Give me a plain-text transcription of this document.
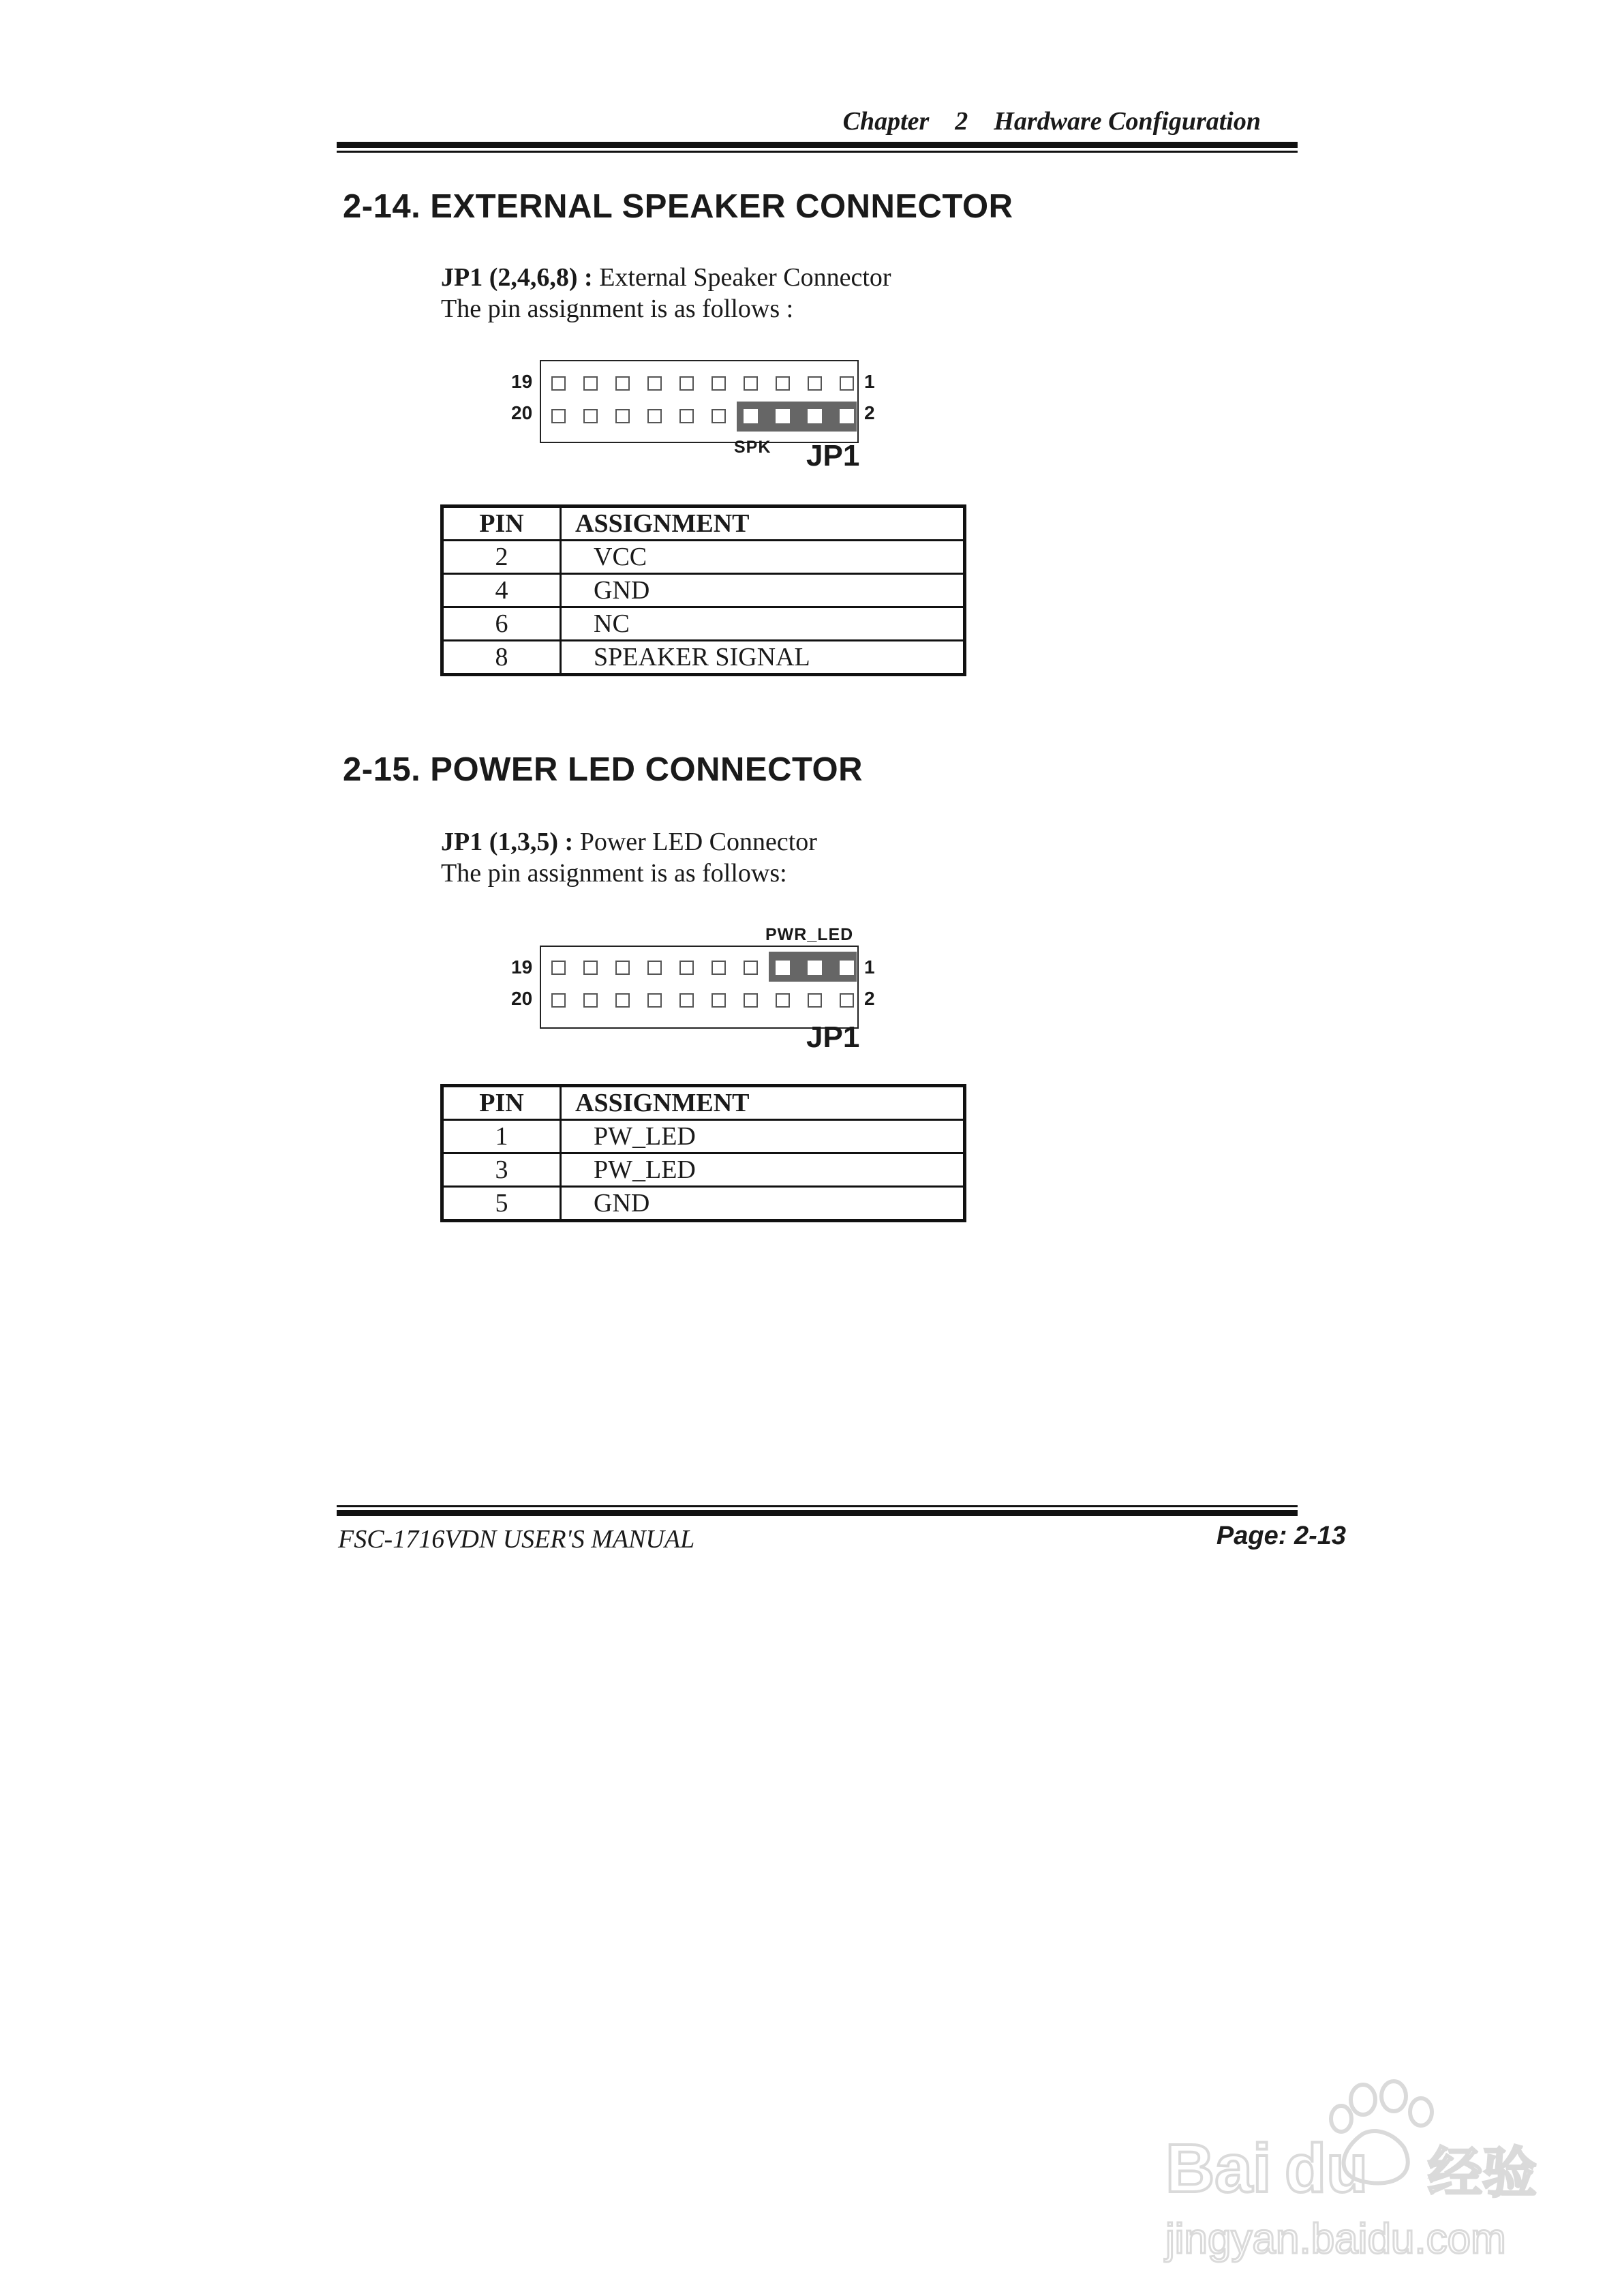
Chapter    2    Hardware Configuration
2-14. EXTERNAL SPEAKER CONNECTOR
JP1 (2,4,6,8) : External Speaker Connector
The pin assignment is as follows :
19
20
1
2
SPK JP1
PIN	ASSIGNMENT
2	VCC
4	GND
6	NC
8	SPEAKER SIGNAL
2-15. POWER LED CONNECTOR
JP1 (1,3,5) : Power LED Connector
The pin assignment is as follows:
PWR_LED
19
20
1
2
JP1
PIN	ASSIGNMENT
1	PW_LED
3	PW_LED
5	GND
FSC-1716VDN USER'S MANUAL	Page: 2-13
Bai du 经验
jingyan.baidu.com
